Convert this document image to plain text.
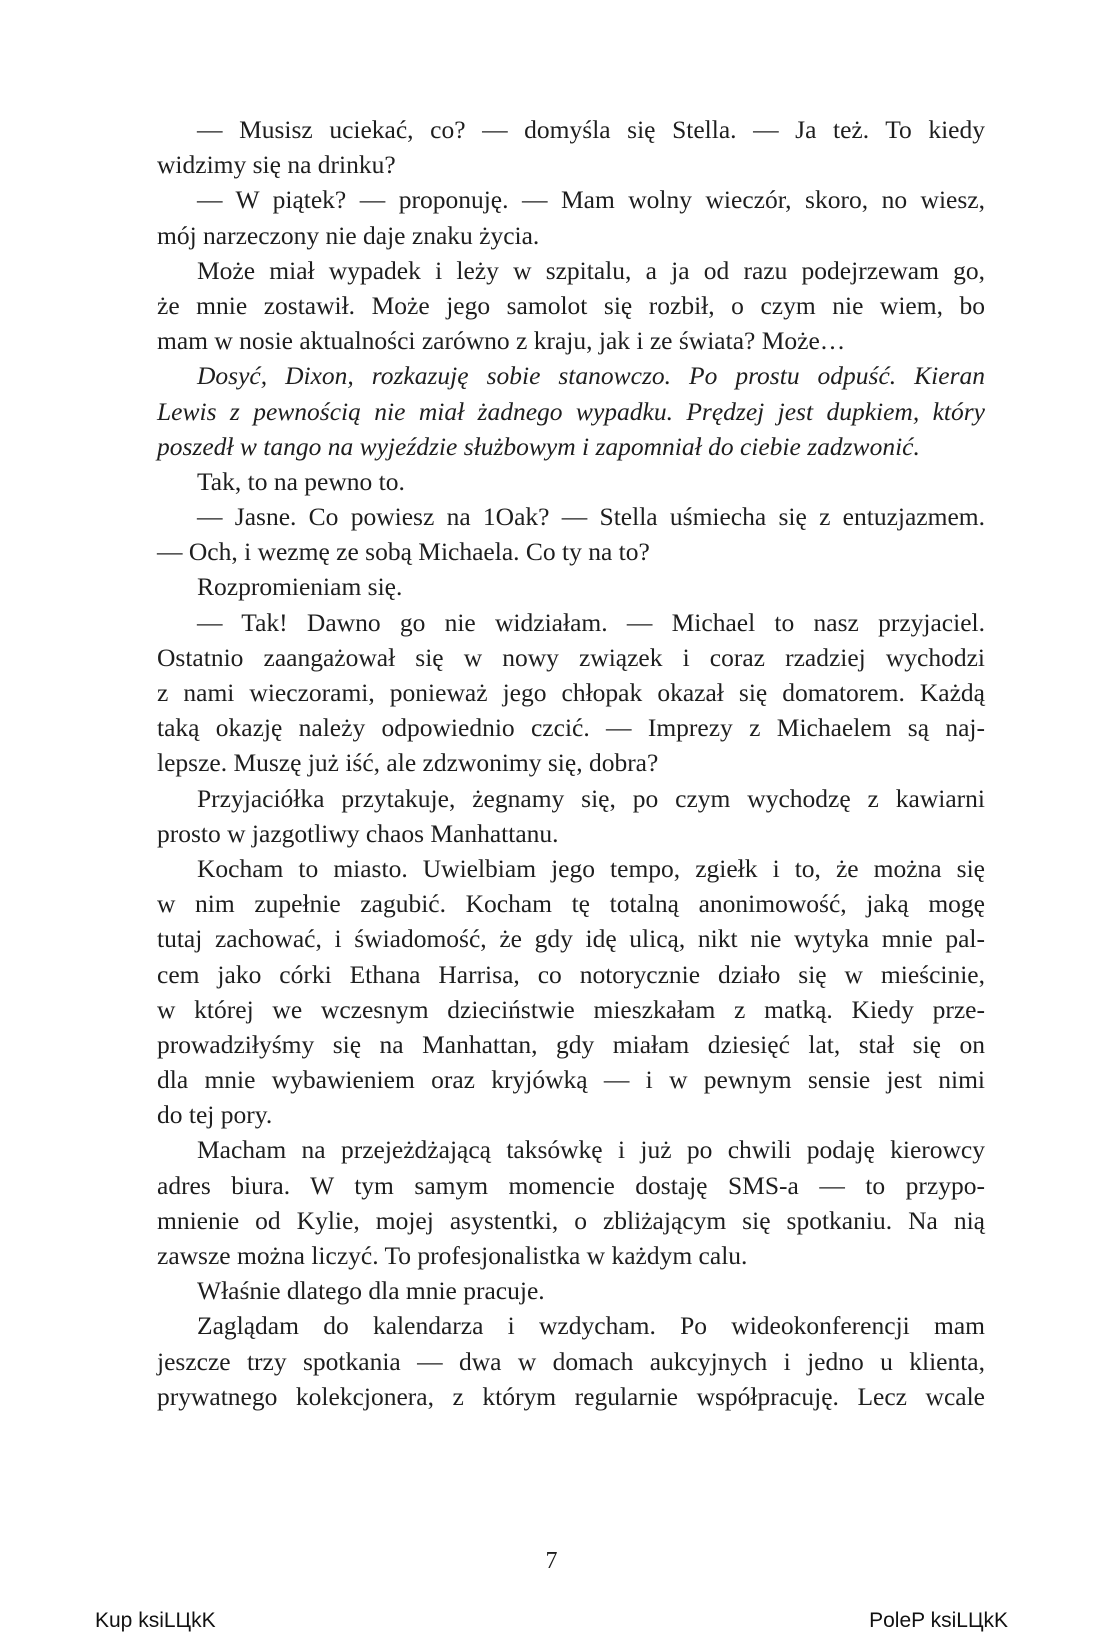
— Musisz uciekać, co? — domyśla się Stella. — Ja też. To kiedy
widzimy się na drinku?
— W piątek? — proponuję. — Mam wolny wieczór, skoro, no wiesz,
mój narzeczony nie daje znaku życia.
Może miał wypadek i leży w szpitalu, a ja od razu podejrzewam go,
że mnie zostawił. Może jego samolot się rozbił, o czym nie wiem, bo
mam w nosie aktualności zarówno z kraju, jak i ze świata? Może…
Dosyć, Dixon, rozkazuję sobie stanowczo. Po prostu odpuść. Kieran
Lewis z pewnością nie miał żadnego wypadku. Prędzej jest dupkiem, który
poszedł w tango na wyjeździe służbowym i zapomniał do ciebie zadzwonić.
Tak, to na pewno to.
— Jasne. Co powiesz na 1Oak? — Stella uśmiecha się z entuzjazmem.
— Och, i wezmę ze sobą Michaela. Co ty na to?
Rozpromieniam się.
— Tak! Dawno go nie widziałam. — Michael to nasz przyjaciel.
Ostatnio zaangażował się w nowy związek i coraz rzadziej wychodzi
z nami wieczorami, ponieważ jego chłopak okazał się domatorem. Każdą
taką okazję należy odpowiednio czcić. — Imprezy z Michaelem są naj-
lepsze. Muszę już iść, ale zdzwonimy się, dobra?
Przyjaciółka przytakuje, żegnamy się, po czym wychodzę z kawiarni
prosto w jazgotliwy chaos Manhattanu.
Kocham to miasto. Uwielbiam jego tempo, zgiełk i to, że można się
w nim zupełnie zagubić. Kocham tę totalną anonimowość, jaką mogę
tutaj zachować, i świadomość, że gdy idę ulicą, nikt nie wytyka mnie pal-
cem jako córki Ethana Harrisa, co notorycznie działo się w mieścinie,
w której we wczesnym dzieciństwie mieszkałam z matką. Kiedy prze-
prowadziłyśmy się na Manhattan, gdy miałam dziesięć lat, stał się on
dla mnie wybawieniem oraz kryjówką — i w pewnym sensie jest nimi
do tej pory.
Macham na przejeżdżającą taksówkę i już po chwili podaję kierowcy
adres biura. W tym samym momencie dostaję SMS-a — to przypo-
mnienie od Kylie, mojej asystentki, o zbliżającym się spotkaniu. Na nią
zawsze można liczyć. To profesjonalistka w każdym calu.
Właśnie dlatego dla mnie pracuje.
Zaglądam do kalendarza i wzdycham. Po wideokonferencji mam
jeszcze trzy spotkania — dwa w domach aukcyjnych i jedno u klienta,
prywatnego kolekcjonera, z którym regularnie współpracuję. Lecz wcale
7
Kup ksiLЦkK	PoleP ksiLЦkK
